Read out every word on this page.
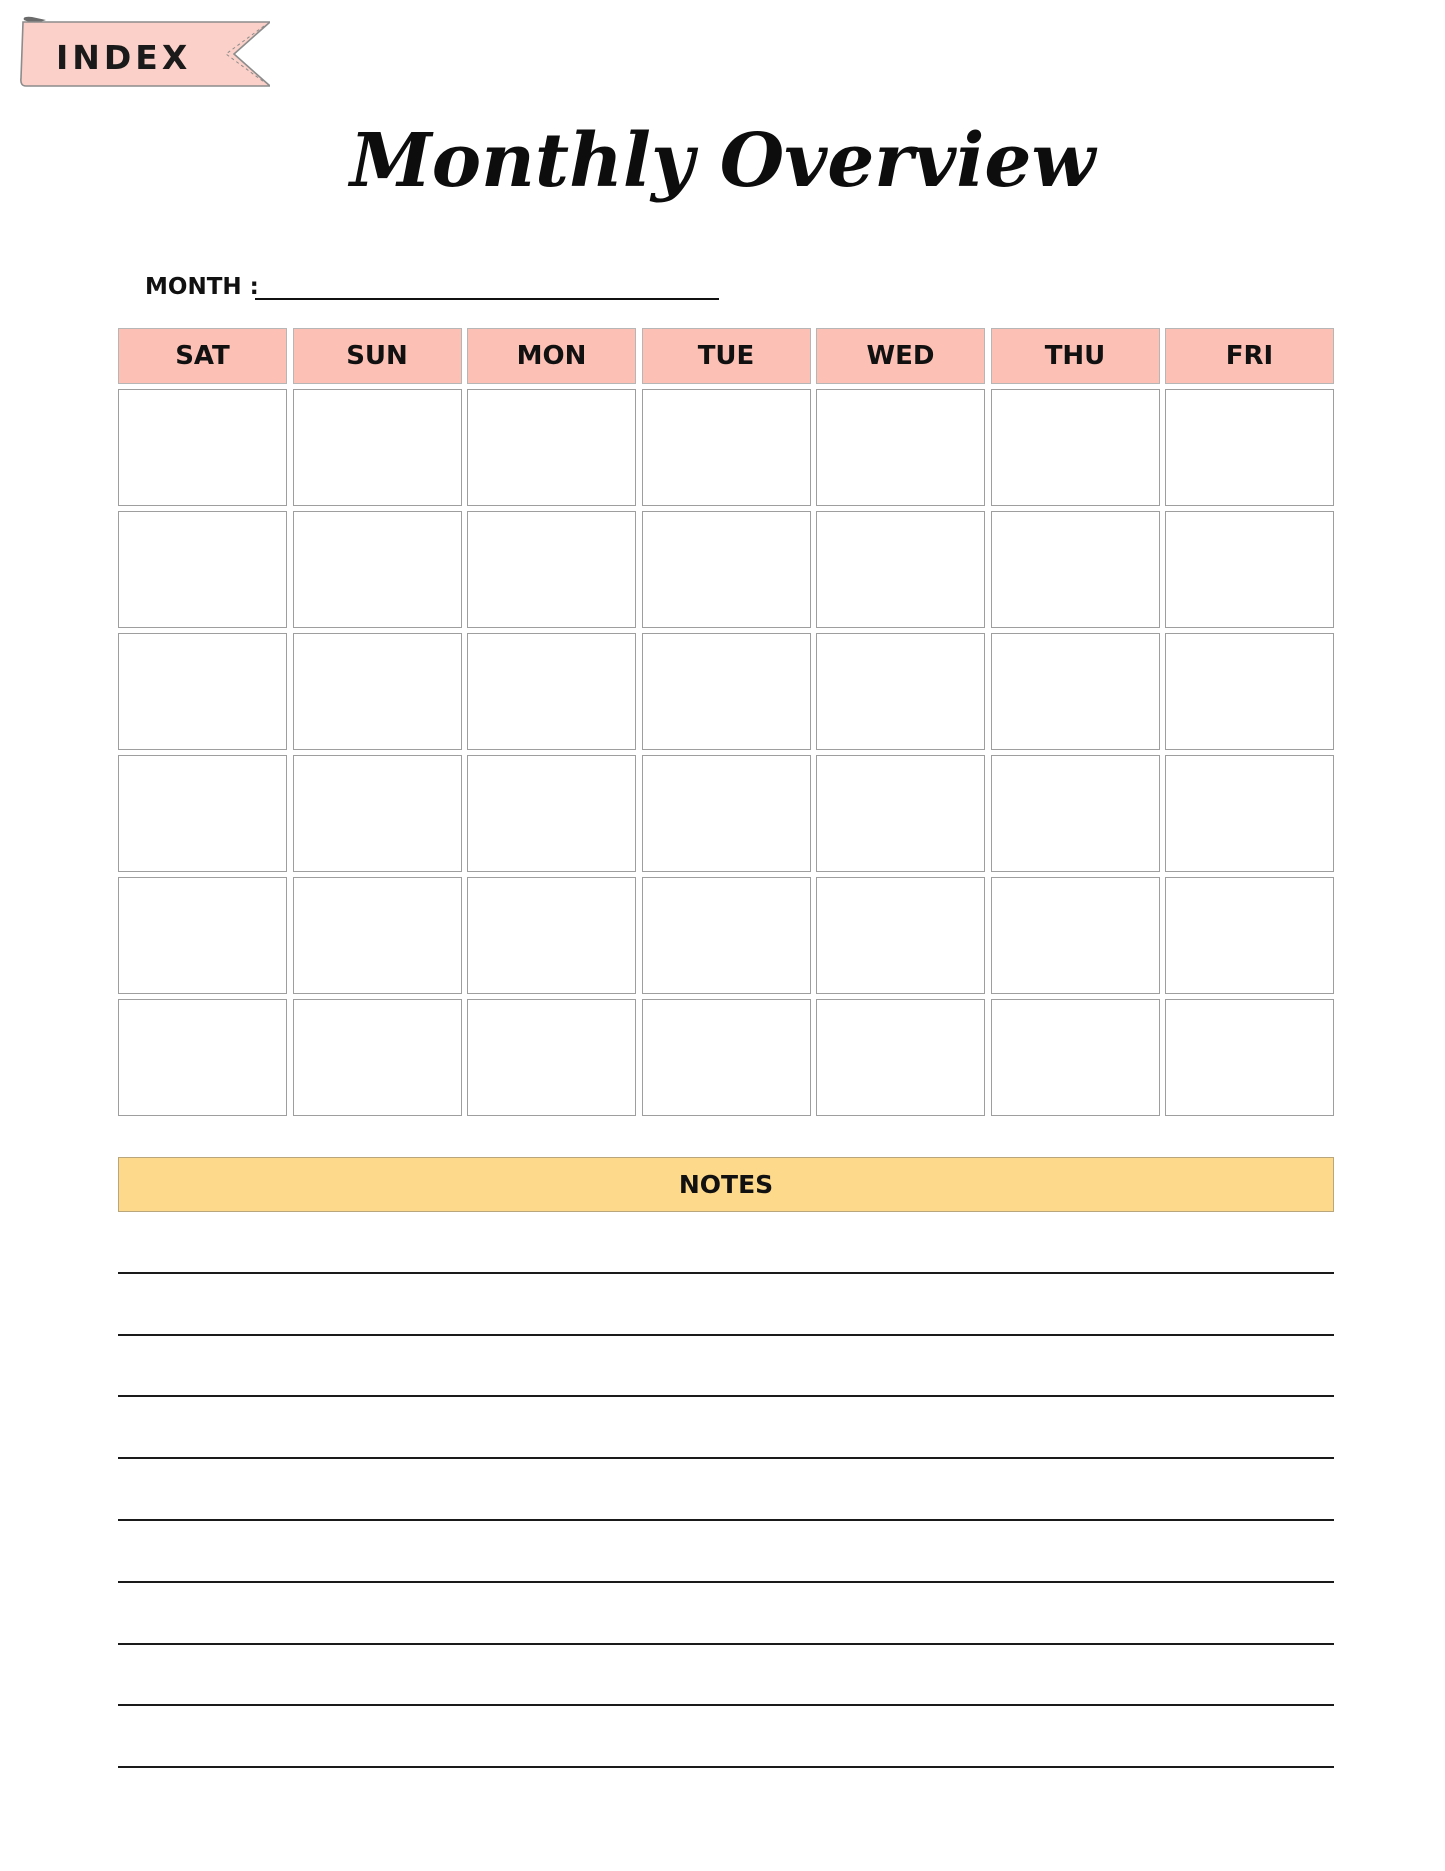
INDEX
Monthly Overview
MONTH :
SAT	SUN	MON	TUE	WED	THU	FRI
NOTES
